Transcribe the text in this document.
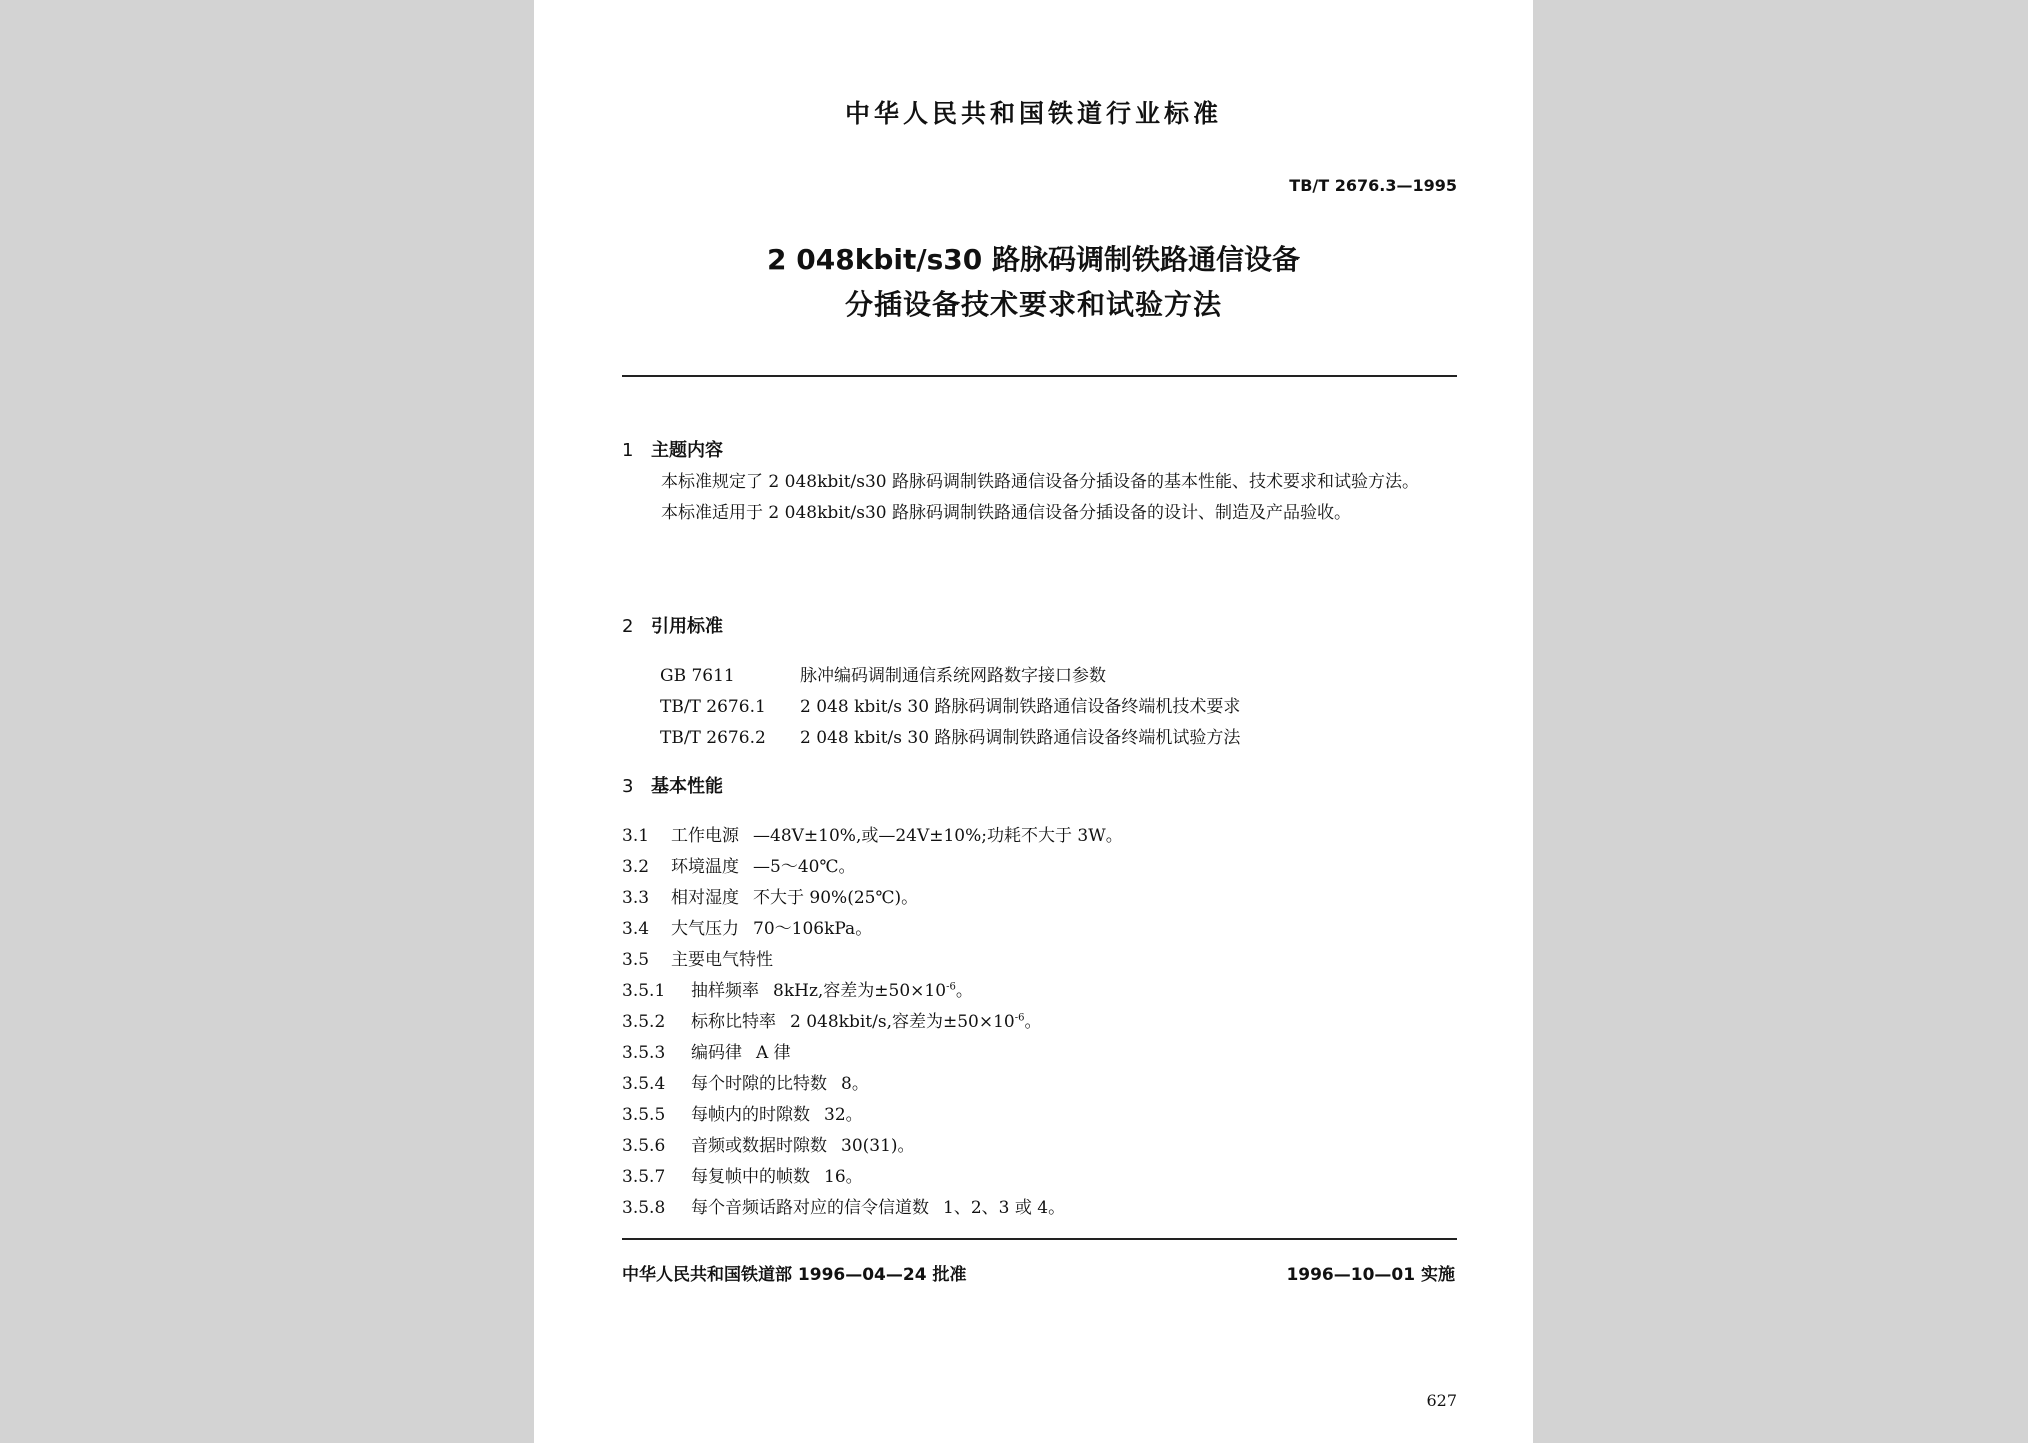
中华人民共和国铁道行业标准
TB/T 2676.3—1995
2 048kbit/s30 路脉码调制铁路通信设备
分插设备技术要求和试验方法
1 主题内容

本标准规定了 2 048kbit/s30 路脉码调制铁路通信设备分插设备的基本性能、技术要求和试验方法。

本标准适用于 2 048kbit/s30 路脉码调制铁路通信设备分插设备的设计、制造及产品验收。

2 引用标准
GB 7611	脉冲编码调制通信系统网路数字接口参数
TB/T 2676.1 2 048 kbit/s 30 路脉码调制铁路通信设备终端机技术要求
TB/T 2676.2 2 048 kbit/s 30 路脉码调制铁路通信设备终端机试验方法
3 基本性能
3.1 工作电源 —48V±10%,或—24V±10%;功耗不大于 3W。
3.2 环境温度 —5～40℃。
3.3 相对湿度 不大于 90%(25℃)。
3.4 大气压力 70～106kPa。
3.5 主要电气特性
3.5.1 抽样频率 8kHz,容差为$\pm 50\times 10^{-6}$。
3.5.2 标称比特率 2 048kbit/s,容差为$\pm 50\times 10^{-6}$。
3.5.3 编码律 A 律
3.5.4 每个时隙的比特数 8。
3.5.5 每帧内的时隙数 32。
3.5.6 音频或数据时隙数 30(31)。
3.5.7 每复帧中的帧数 16。
3.5.8 每个音频话路对应的信令信道数 1、2、3 或 4。
中华人民共和国铁道部 1996—04—24 批准	1996—10—01 实施
627
